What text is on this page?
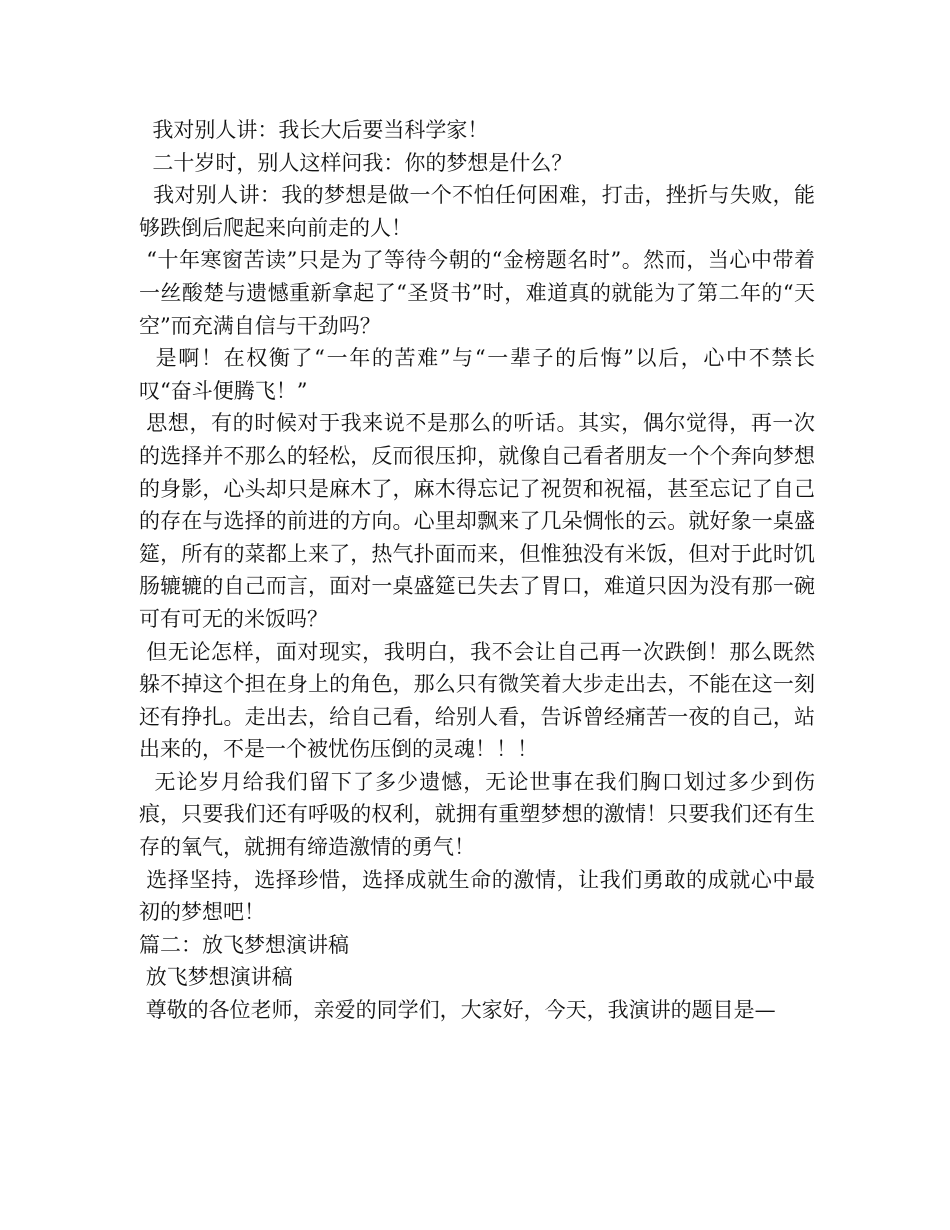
我对别人讲：我长大后要当科学家！

二十岁时，别人这样问我：你的梦想是什么？

我对别人讲：我的梦想是做一个不怕任何困难，打击，挫折与失败，能够跌倒后爬起来向前走的人！

“十年寒窗苦读”只是为了等待今朝的“金榜题名时”。然而，当心中带着一丝酸楚与遗憾重新拿起了“圣贤书”时，难道真的就能为了第二年的“天空”而充满自信与干劲吗？

是啊！在权衡了“一年的苦难”与“一辈子的后悔”以后，心中不禁长叹“奋斗便腾飞！”

思想，有的时候对于我来说不是那么的听话。其实，偶尔觉得，再一次的选择并不那么的轻松，反而很压抑，就像自己看者朋友一个个奔向梦想的身影，心头却只是麻木了，麻木得忘记了祝贺和祝福，甚至忘记了自己的存在与选择的前进的方向。心里却飘来了几朵惆怅的云。就好象一桌盛筵，所有的菜都上来了，热气扑面而来，但惟独没有米饭，但对于此时饥肠辘辘的自己而言，面对一桌盛筵已失去了胃口，难道只因为没有那一碗可有可无的米饭吗？

但无论怎样，面对现实，我明白，我不会让自己再一次跌倒！那么既然躲不掉这个担在身上的角色，那么只有微笑着大步走出去，不能在这一刻还有挣扎。走出去，给自己看，给别人看，告诉曾经痛苦一夜的自己，站出来的，不是一个被忧伤压倒的灵魂！！！

无论岁月给我们留下了多少遗憾，无论世事在我们胸口划过多少到伤痕，只要我们还有呼吸的权利，就拥有重塑梦想的激情！只要我们还有生存的氧气，就拥有缔造激情的勇气！

选择坚持，选择珍惜，选择成就生命的激情，让我们勇敢的成就心中最初的梦想吧！

篇二：放飞梦想演讲稿

放飞梦想演讲稿

尊敬的各位老师，亲爱的同学们，大家好，今天，我演讲的题目是—
